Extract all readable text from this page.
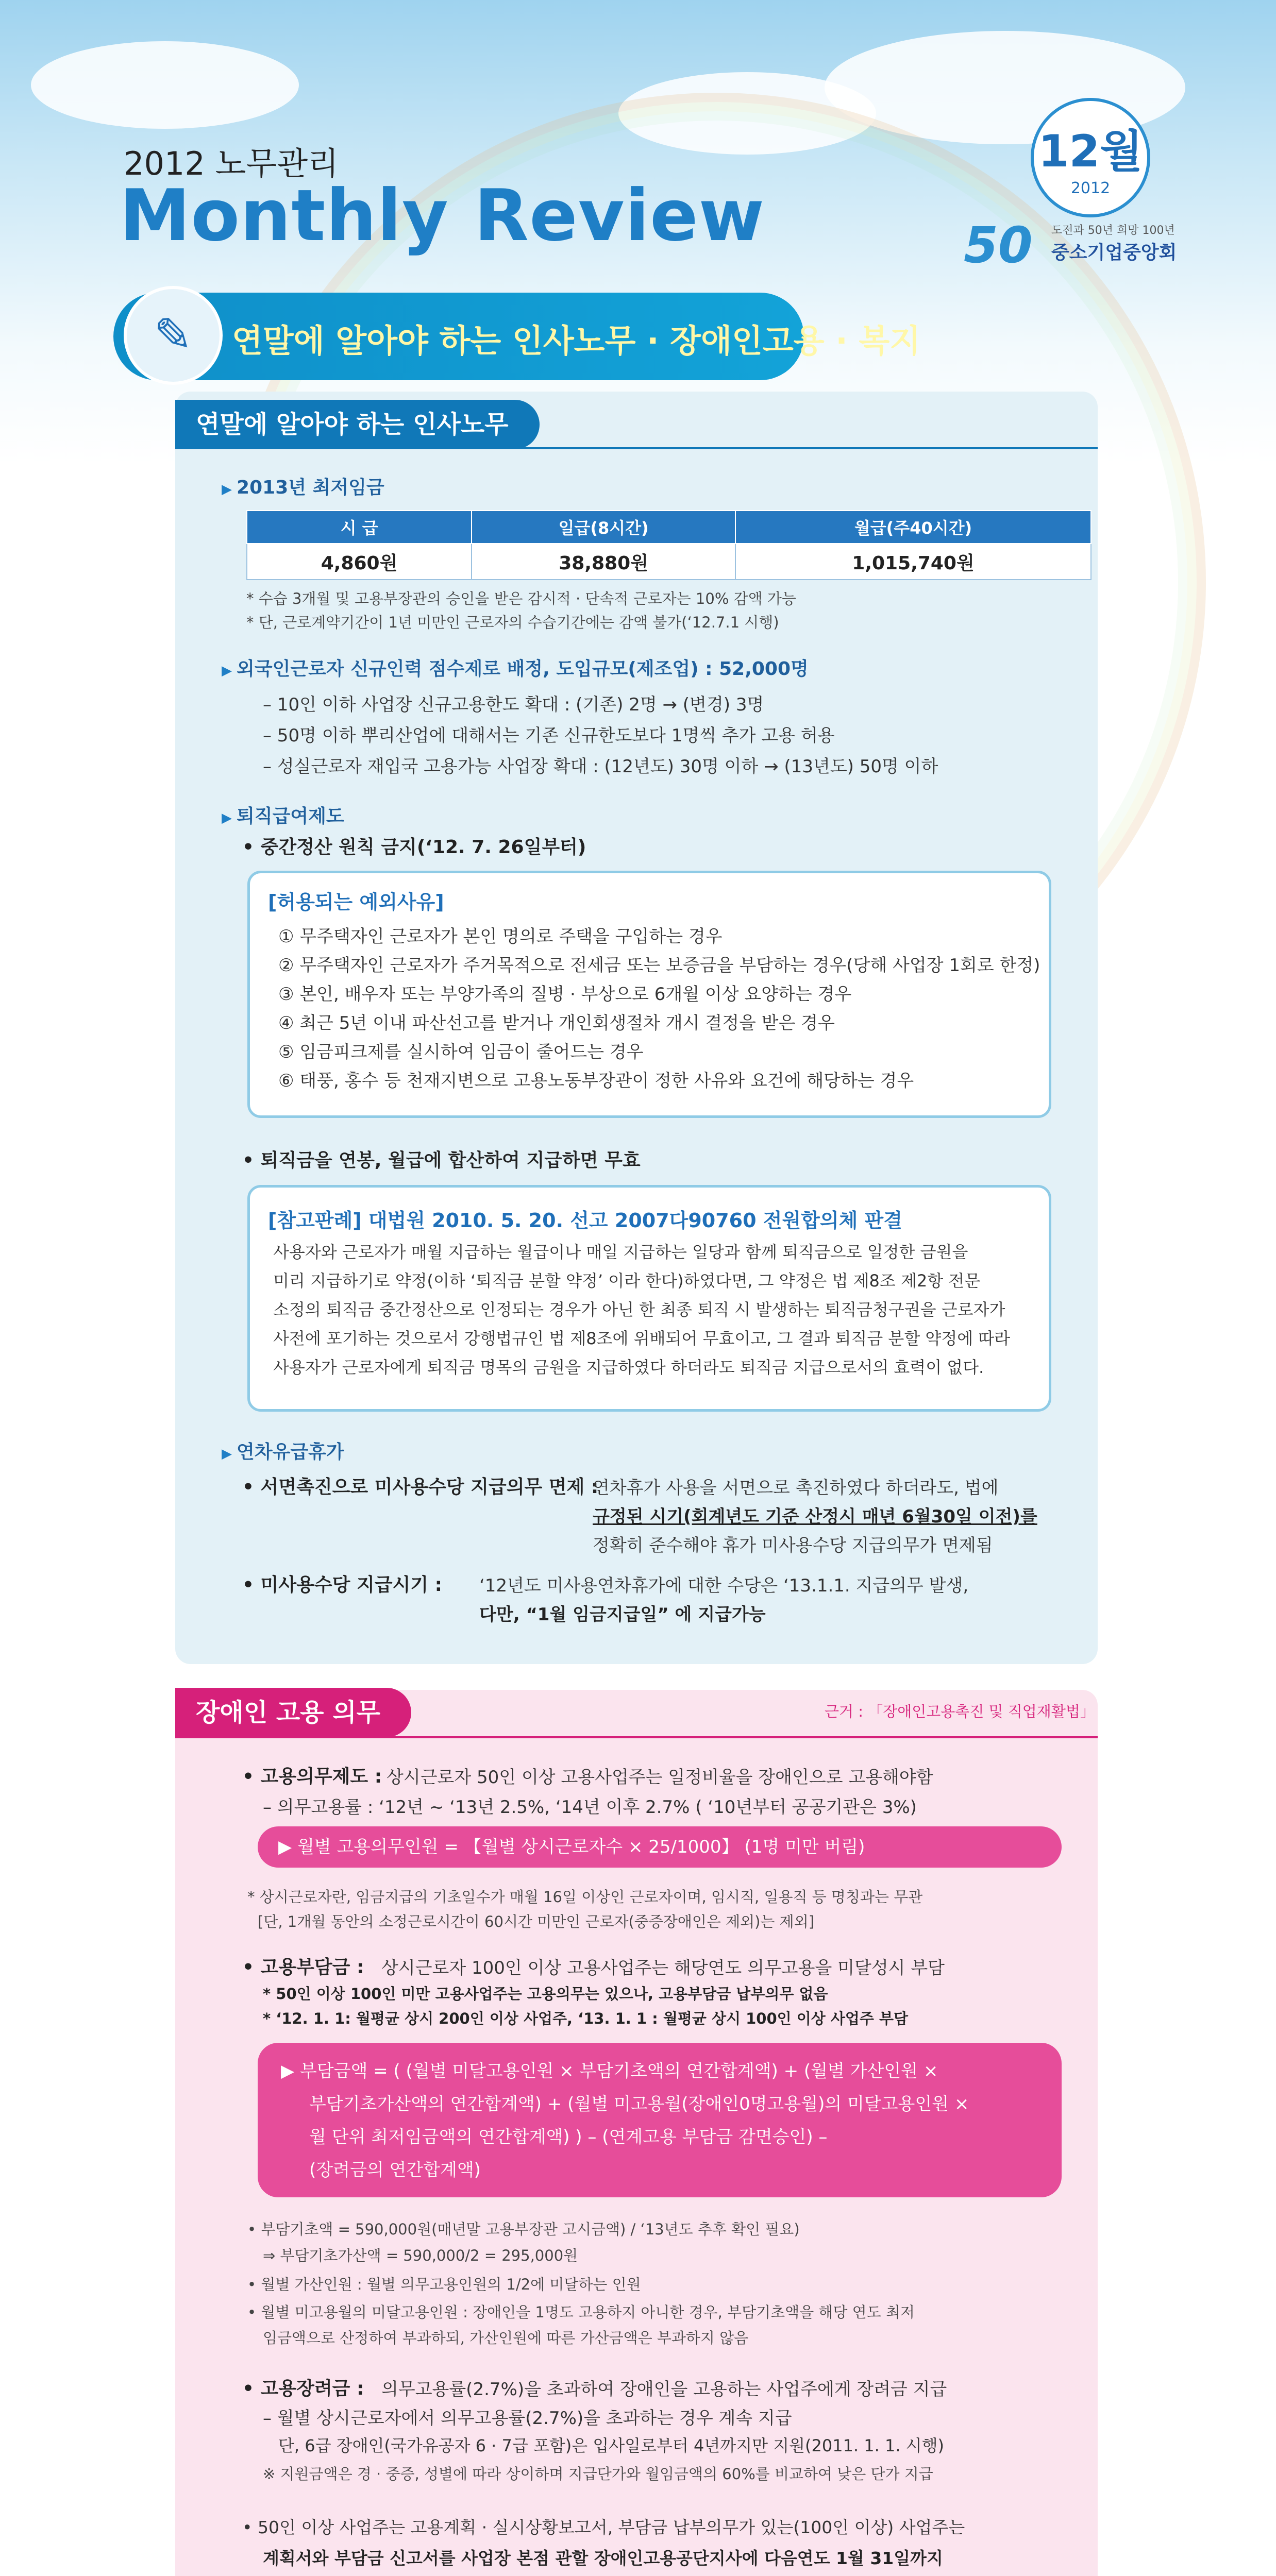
2012 노무관리
Monthly Review
12월
2012
50 도전과 50년 희망 100년
중소기업중앙회
✎	연말에 알아야 하는 인사노무 · 장애인고용 · 복지
연말에 알아야 하는 인사노무
▶ 2013년 최저임금
시 급	일급(8시간)	월급(주40시간)
4,860원	38,880원	1,015,740원
* 수습 3개월 및 고용부장관의 승인을 받은 감시적 · 단속적 근로자는 10% 감액 가능
* 단, 근로계약기간이 1년 미만인 근로자의 수습기간에는 감액 불가(‘12.7.1 시행)
▶ 외국인근로자 신규인력 점수제로 배정, 도입규모(제조업) : 52,000명
– 10인 이하 사업장 신규고용한도 확대 : (기존) 2명 → (변경) 3명
– 50명 이하 뿌리산업에 대해서는 기존 신규한도보다 1명씩 추가 고용 허용
– 성실근로자 재입국 고용가능 사업장 확대 : (12년도) 30명 이하 → (13년도) 50명 이하
▶ 퇴직급여제도
• 중간정산 원칙 금지(‘12. 7. 26일부터)
[허용되는 예외사유]
① 무주택자인 근로자가 본인 명의로 주택을 구입하는 경우
② 무주택자인 근로자가 주거목적으로 전세금 또는 보증금을 부담하는 경우(당해 사업장 1회로 한정)
③ 본인, 배우자 또는 부양가족의 질병 · 부상으로 6개월 이상 요양하는 경우
④ 최근 5년 이내 파산선고를 받거나 개인회생절차 개시 결정을 받은 경우
⑤ 임금피크제를 실시하여 임금이 줄어드는 경우
⑥ 태풍, 홍수 등 천재지변으로 고용노동부장관이 정한 사유와 요건에 해당하는 경우
• 퇴직금을 연봉, 월급에 합산하여 지급하면 무효
[참고판례] 대법원 2010. 5. 20. 선고 2007다90760 전원합의체 판결
사용자와 근로자가 매월 지급하는 월급이나 매일 지급하는 일당과 함께 퇴직금으로 일정한 금원을
미리 지급하기로 약정(이하 ‘퇴직금 분할 약정’ 이라 한다)하였다면, 그 약정은 법 제8조 제2항 전문
소정의 퇴직금 중간정산으로 인정되는 경우가 아닌 한 최종 퇴직 시 발생하는 퇴직금청구권을 근로자가
사전에 포기하는 것으로서 강행법규인 법 제8조에 위배되어 무효이고, 그 결과 퇴직금 분할 약정에 따라
사용자가 근로자에게 퇴직금 명목의 금원을 지급하였다 하더라도 퇴직금 지급으로서의 효력이 없다.
▶ 연차유급휴가
• 서면촉진으로 미사용수당 지급의무 면제 :
연차휴가 사용을 서면으로 촉진하였다 하더라도, 법에
규정된 시기(회계년도 기준 산정시 매년 6월30일 이전)를
정확히 준수해야 휴가 미사용수당 지급의무가 면제됨
• 미사용수당 지급시기 : ‘12년도 미사용연차휴가에 대한 수당은 ‘13.1.1. 지급의무 발생,
다만, “1월 임금지급일” 에 지급가능
장애인 고용 의무	근거 : 「장애인고용촉진 및 직업재활법」
• 고용의무제도 : 상시근로자 50인 이상 고용사업주는 일정비율을 장애인으로 고용해야함
– 의무고용률 : ‘12년 ~ ‘13년 2.5%, ‘14년 이후 2.7% ( ‘10년부터 공공기관은 3%)
▶ 월별 고용의무인원 = 【월별 상시근로자수 × 25/1000】 (1명 미만 버림)
* 상시근로자란, 임금지급의 기초일수가 매월 16일 이상인 근로자이며, 임시직, 일용직 등 명칭과는 무관
[단, 1개월 동안의 소정근로시간이 60시간 미만인 근로자(중증장애인은 제외)는 제외]
• 고용부담금 : 상시근로자 100인 이상 고용사업주는 해당연도 의무고용을 미달성시 부담
* 50인 이상 100인 미만 고용사업주는 고용의무는 있으나, 고용부담금 납부의무 없음
* ‘12. 1. 1: 월평균 상시 200인 이상 사업주, ‘13. 1. 1 : 월평균 상시 100인 이상 사업주 부담
▶ 부담금액 = ( (월별 미달고용인원 × 부담기초액의 연간합계액) + (월별 가산인원 ×
부담기초가산액의 연간합계액) + (월별 미고용월(장애인0명고용월)의 미달고용인원 ×
월 단위 최저임금액의 연간합계액) ) – (연계고용 부담금 감면승인) –
(장려금의 연간합계액)
• 부담기초액 = 590,000원(매년말 고용부장관 고시금액) / ‘13년도 추후 확인 필요)
⇒ 부담기초가산액 = 590,000/2 = 295,000원
• 월별 가산인원 : 월별 의무고용인원의 1/2에 미달하는 인원
• 월별 미고용월의 미달고용인원 : 장애인을 1명도 고용하지 아니한 경우, 부담기초액을 해당 연도 최저
임금액으로 산정하여 부과하되, 가산인원에 따른 가산금액은 부과하지 않음
• 고용장려금 : 의무고용률(2.7%)을 초과하여 장애인을 고용하는 사업주에게 장려금 지급
– 월별 상시근로자에서 의무고용률(2.7%)을 초과하는 경우 계속 지급
단, 6급 장애인(국가유공자 6 · 7급 포함)은 입사일로부터 4년까지만 지원(2011. 1. 1. 시행)
※ 지원금액은 경 · 중증, 성별에 따라 상이하며 지급단가와 월임금액의 60%를 비교하여 낮은 단가 지급
• 50인 이상 사업주는 고용계획 · 실시상황보고서, 부담금 납부의무가 있는(100인 이상) 사업주는
계획서와 부담금 신고서를 사업장 본점 관할 장애인고용공단지사에 다음연도 1월 31일까지
